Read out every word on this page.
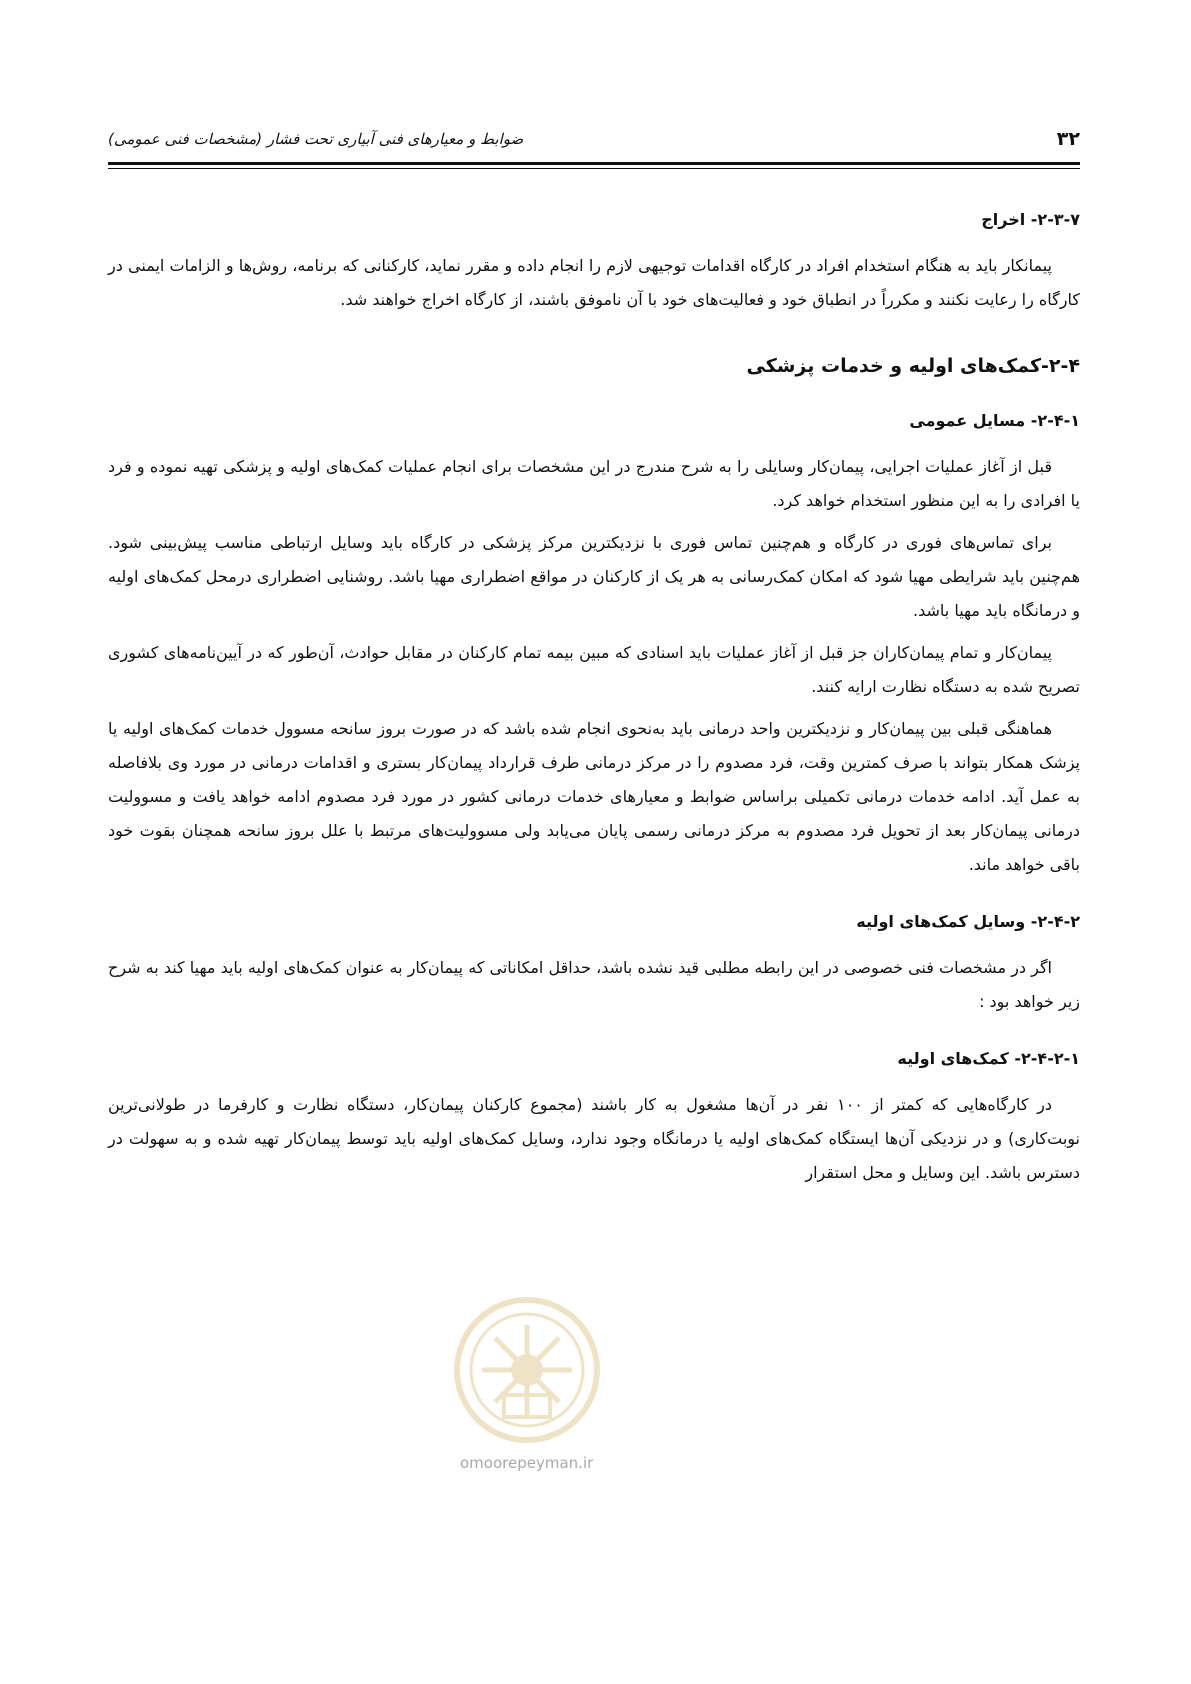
۳۲
ضوابط و معیارهای فنی آبیاری تحت فشار (مشخصات فنی عمومی)
۲-۳-۷- اخراج

پیمانکار باید به هنگام استخدام افراد در کارگاه اقدامات توجیهی لازم را انجام داده و مقرر نماید، کارکنانی که برنامه، روش‌ها و الزامات ایمنی در کارگاه را رعایت نکنند و مکرراً در انطباق خود و فعالیت‌های خود با آن ناموفق باشند، از کارگاه اخراج خواهند شد.

۲-۴-کمک‌های اولیه و خدمات پزشکی
۲-۴-۱- مسایل عمومی

قبل از آغاز عملیات اجرایی، پیمان‌کار وسایلی را به شرح مندرج در این مشخصات برای انجام عملیات کمک‌های اولیه و پزشکی تهیه نموده و فرد یا افرادی را به این منظور استخدام خواهد کرد.

برای تماس‌های فوری در کارگاه و هم‌چنین تماس فوری با نزدیکترین مرکز پزشکی در کارگاه باید وسایل ارتباطی مناسب پیش‌بینی شود. هم‌چنین باید شرایطی مهیا شود که امکان کمک‌رسانی به هر یک از کارکنان در مواقع اضطراری مهیا باشد. روشنایی اضطراری درمحل کمک‌های اولیه و درمانگاه باید مهیا باشد.

پیمان‌کار و تمام پیمان‌کاران جز قبل از آغاز عملیات باید اسنادی که مبین بیمه تمام کارکنان در مقابل حوادث، آن‌طور که در آیین‌نامه‌های کشوری تصریح شده به دستگاه نظارت ارایه کنند.

هماهنگی قبلی بین پیمان‌کار و نزدیکترین واحد درمانی باید به‌نحوی انجام شده باشد که در صورت بروز سانحه مسوول خدمات کمک‌های اولیه یا پزشک همکار بتواند با صرف کمترین وقت، فرد مصدوم را در مرکز درمانی طرف قرارداد پیمان‌کار بستری و اقدامات درمانی در مورد وی بلافاصله به عمل آید. ادامه خدمات درمانی تکمیلی براساس ضوابط و معیارهای خدمات درمانی کشور در مورد فرد مصدوم ادامه خواهد یافت و مسوولیت درمانی پیمان‌کار بعد از تحویل فرد مصدوم به مرکز درمانی رسمی پایان می‌یابد ولی مسوولیت‌های مرتبط با علل بروز سانحه همچنان بقوت خود باقی خواهد ماند.

۲-۴-۲- وسایل کمک‌های اولیه

اگر در مشخصات فنی خصوصی در این رابطه مطلبی قید نشده باشد، حداقل امکاناتی که پیمان‌کار به عنوان کمک‌های اولیه باید مهیا کند به شرح زیر خواهد بود :

۲-۴-۲-۱- کمک‌های اولیه

در کارگاه‌هایی که کمتر از ۱۰۰ نفر در آن‌ها مشغول به کار باشند (مجموع کارکنان پیمان‌کار، دستگاه نظارت و کارفرما در طولانی‌ترین نوبت‌کاری) و در نزدیکی آن‌ها ایستگاه کمک‌های اولیه یا درمانگاه وجود ندارد، وسایل کمک‌های اولیه باید توسط پیمان‌کار تهیه شده و به سهولت در دسترس باشد. این وسایل و محل استقرار

omoorepeyman.ir
